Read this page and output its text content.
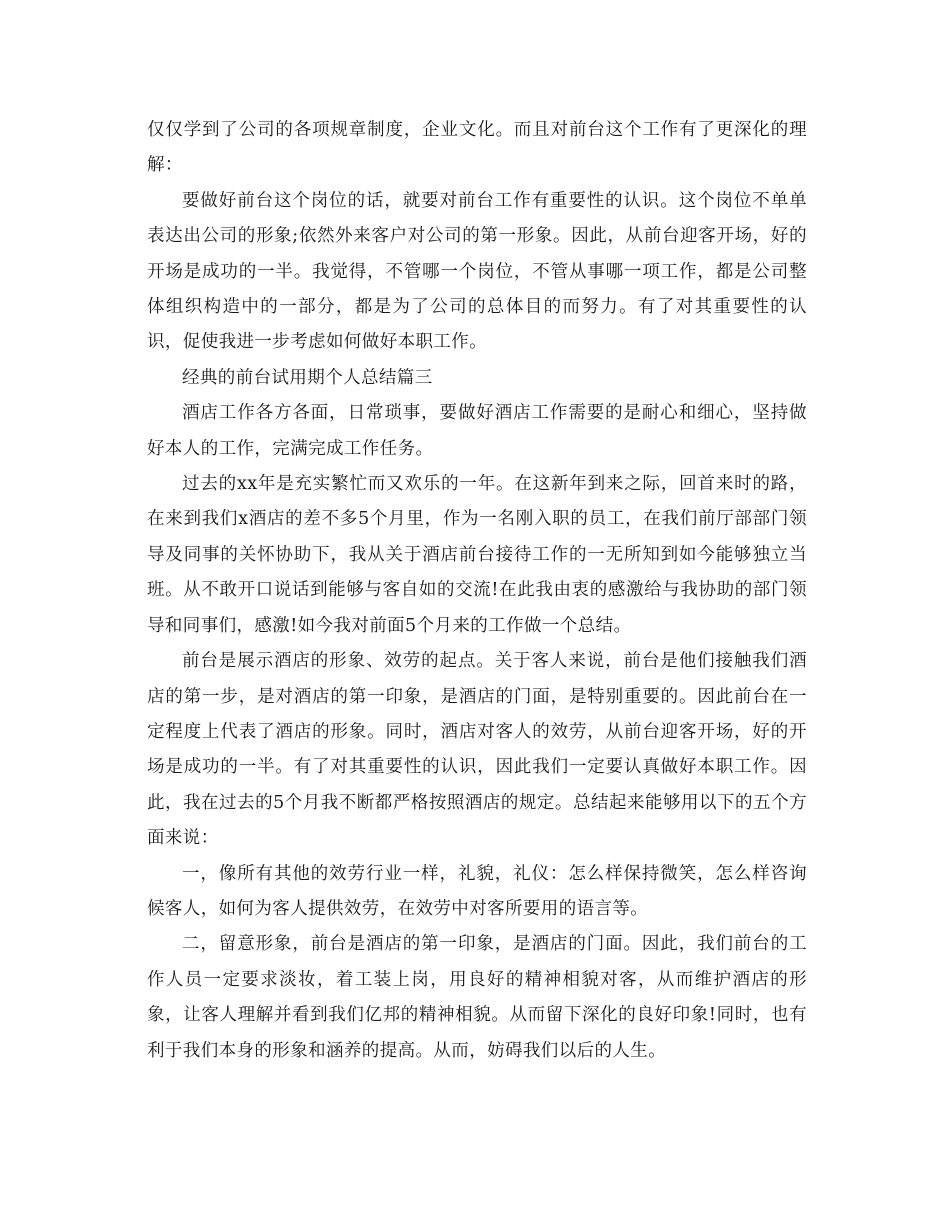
仅仅学到了公司的各项规章制度，企业文化。而且对前台这个工作有了更深化的理解：

要做好前台这个岗位的话，就要对前台工作有重要性的认识。这个岗位不单单表达出公司的形象;依然外来客户对公司的第一形象。因此，从前台迎客开场，好的开场是成功的一半。我觉得，不管哪一个岗位，不管从事哪一项工作，都是公司整体组织构造中的一部分，都是为了公司的总体目的而努力。有了对其重要性的认识，促使我进一步考虑如何做好本职工作。

经典的前台试用期个人总结篇三

酒店工作各方各面，日常琐事，要做好酒店工作需要的是耐心和细心，坚持做好本人的工作，完满完成工作任务。

过去的xx年是充实繁忙而又欢乐的一年。在这新年到来之际，回首来时的路，在来到我们x酒店的差不多5个月里，作为一名刚入职的员工，在我们前厅部部门领导及同事的关怀协助下，我从关于酒店前台接待工作的一无所知到如今能够独立当班。从不敢开口说话到能够与客自如的交流!在此我由衷的感激给与我协助的部门领导和同事们，感激!如今我对前面5个月来的工作做一个总结。

前台是展示酒店的形象、效劳的起点。关于客人来说，前台是他们接触我们酒店的第一步，是对酒店的第一印象，是酒店的门面，是特别重要的。因此前台在一定程度上代表了酒店的形象。同时，酒店对客人的效劳，从前台迎客开场，好的开场是成功的一半。有了对其重要性的认识，因此我们一定要认真做好本职工作。因此，我在过去的5个月我不断都严格按照酒店的规定。总结起来能够用以下的五个方面来说：

一，像所有其他的效劳行业一样，礼貌，礼仪：怎么样保持微笑，怎么样咨询候客人，如何为客人提供效劳，在效劳中对客所要用的语言等。

二，留意形象，前台是酒店的第一印象，是酒店的门面。因此，我们前台的工作人员一定要求淡妆，着工装上岗，用良好的精神相貌对客，从而维护酒店的形象，让客人理解并看到我们亿邦的精神相貌。从而留下深化的良好印象!同时，也有利于我们本身的形象和涵养的提高。从而，妨碍我们以后的人生。
